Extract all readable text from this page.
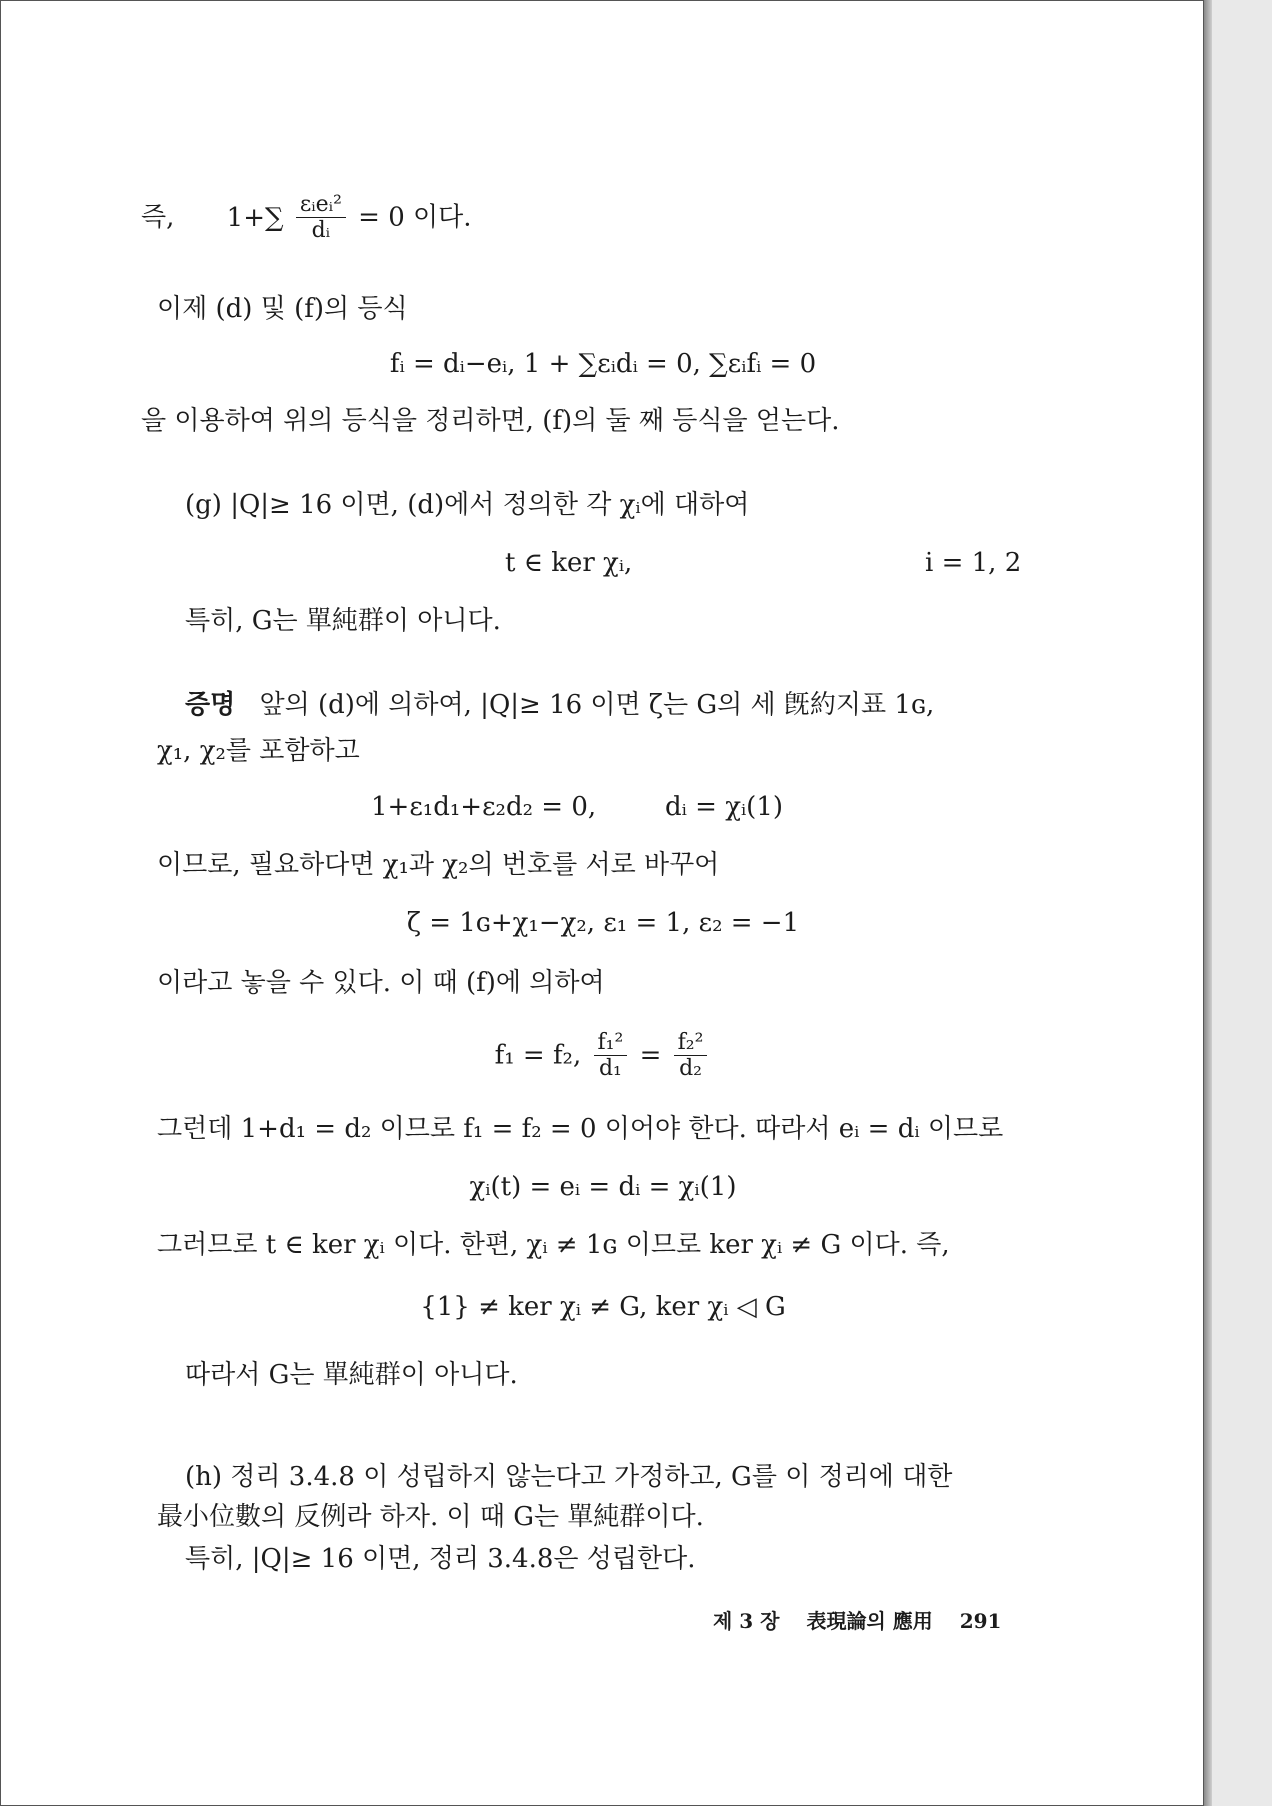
즉, $1+\sum \frac{\text{εᵢeᵢ²}}{\text{dᵢ}} = 0$ 이다.
이제 (d) 및 (f)의 등식
fᵢ = dᵢ−eᵢ, 1 + ∑εᵢdᵢ = 0, ∑εᵢfᵢ = 0
을 이용하여 위의 등식을 정리하면, (f)의 둘 째 등식을 얻는다.
(g) |Q|≥ 16 이면, (d)에서 정의한 각 χᵢ에 대하여
t ∈ ker χᵢ,	i = 1, 2
특히, G는 單純群이 아니다.
증명 앞의 (d)에 의하여, |Q|≥ 16 이면 ζ는 G의 세 旣約지표 1ɢ,
χ₁, χ₂를 포함하고
1+ε₁d₁+ε₂d₂ = 0,	dᵢ = χᵢ(1)
이므로, 필요하다면 χ₁과 χ₂의 번호를 서로 바꾸어
ζ = 1ɢ+χ₁−χ₂, ε₁ = 1, ε₂ = −1
이라고 놓을 수 있다. 이 때 (f)에 의하여
f₁ = f₂, $\frac{\text{f₁²}}{\text{d₁}} = \frac{\text{f₂²}}{\text{d₂}}$
그런데 1+d₁ = d₂ 이므로 f₁ = f₂ = 0 이어야 한다. 따라서 eᵢ = dᵢ 이므로
χᵢ(t) = eᵢ = dᵢ = χᵢ(1)
그러므로 t ∈ ker χᵢ 이다. 한편, χᵢ ≠ 1ɢ 이므로 ker χᵢ ≠ G 이다. 즉,
{1} ≠ ker χᵢ ≠ G, ker χᵢ ◁ G
따라서 G는 單純群이 아니다.
(h) 정리 3.4.8 이 성립하지 않는다고 가정하고, G를 이 정리에 대한
最小位數의 反例라 하자. 이 때 G는 單純群이다.
특히, |Q|≥ 16 이면, 정리 3.4.8은 성립한다.
제 3 장 表現論의 應用 291
